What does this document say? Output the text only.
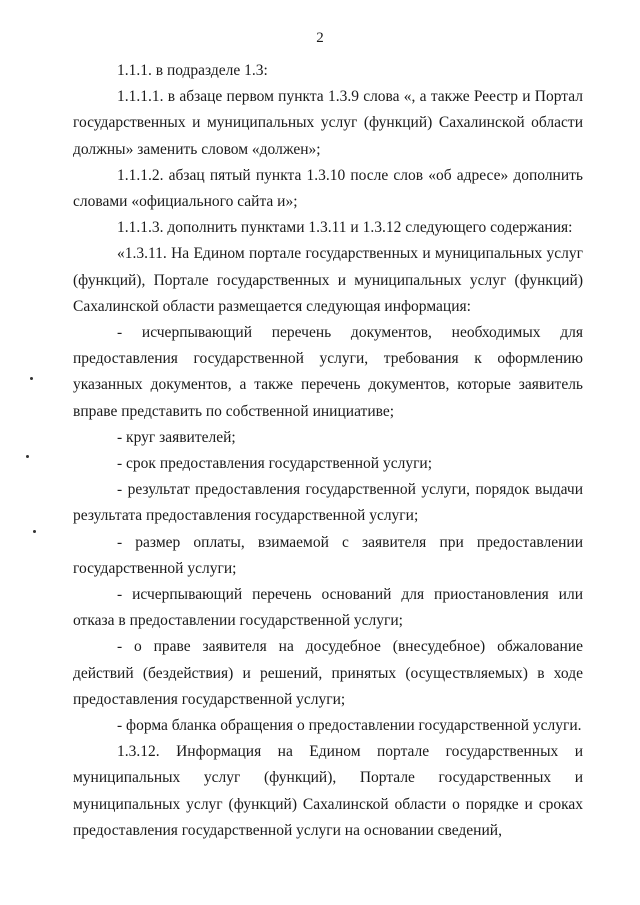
2

1.1.1. в подразделе 1.3:

1.1.1.1. в абзаце первом пункта 1.3.9 слова «, а также Реестр и Портал государственных и муниципальных услуг (функций) Сахалинской области должны» заменить словом «должен»;

1.1.1.2. абзац пятый пункта 1.3.10 после слов «об адресе» дополнить словами «официального сайта и»;

1.1.1.3. дополнить пунктами 1.3.11 и 1.3.12 следующего содержания:

«1.3.11. На Едином портале государственных и муниципальных услуг (функций), Портале государственных и муниципальных услуг (функций) Сахалинской области размещается следующая информация:

- исчерпывающий перечень документов, необходимых для предоставления государственной услуги, требования к оформлению указанных документов, а также перечень документов, которые заявитель вправе представить по собственной инициативе;

- круг заявителей;

- срок предоставления государственной услуги;

- результат предоставления государственной услуги, порядок выдачи результата предоставления государственной услуги;

- размер оплаты, взимаемой с заявителя при предоставлении государственной услуги;

- исчерпывающий перечень оснований для приостановления или отказа в предоставлении государственной услуги;

- о праве заявителя на досудебное (внесудебное) обжалование действий (бездействия) и решений, принятых (осуществляемых) в ходе предоставления государственной услуги;

- форма бланка обращения о предоставлении государственной услуги.

1.3.12. Информация на Едином портале государственных и муниципальных услуг (функций), Портале государственных и муниципальных услуг (функций) Сахалинской области о порядке и сроках предоставления государственной услуги на основании сведений,
